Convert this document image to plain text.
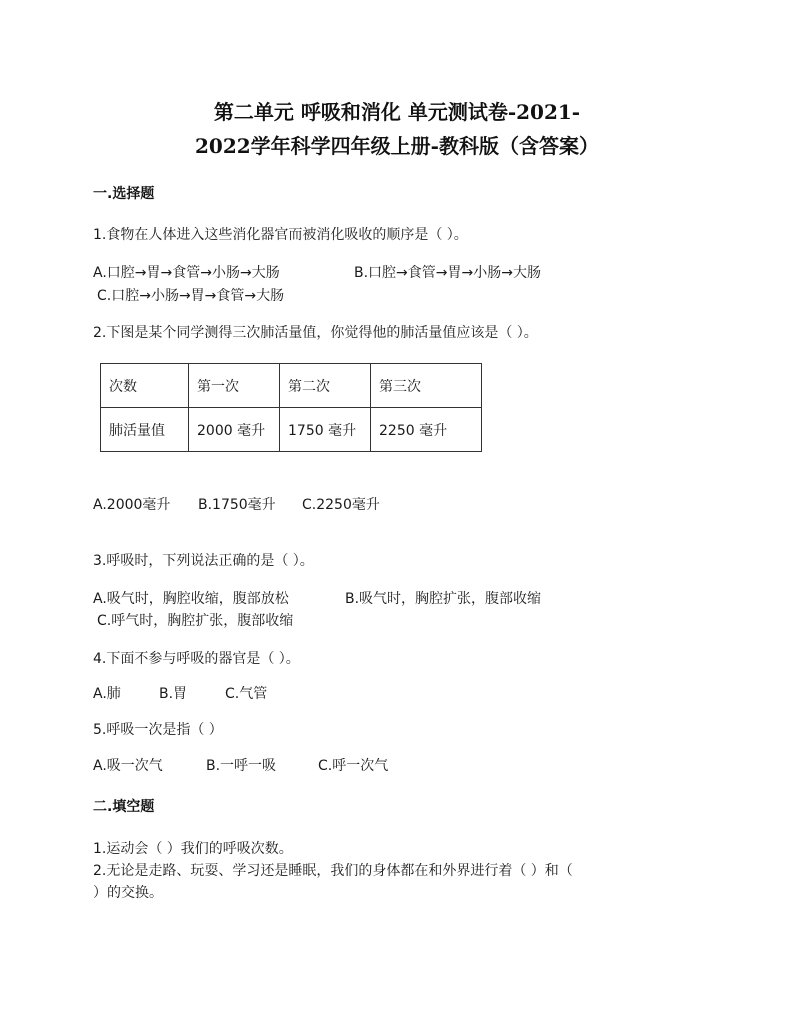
第二单元 呼吸和消化 单元测试卷-2021-
2022学年科学四年级上册-教科版（含答案）
一.选择题
1.食物在人体进入这些消化器官而被消化吸收的顺序是（ ）。
A.口腔→胃→食管→小肠→大肠	B.口腔→食管→胃→小肠→大肠
C.口腔→小肠→胃→食管→大肠
2.下图是某个同学测得三次肺活量值，你觉得他的肺活量值应该是（ ）。
次数	第一次	第二次	第三次
肺活量值	2000 毫升	1750 毫升	2250 毫升
A.2000毫升 B.1750毫升 C.2250毫升
3.呼吸时，下列说法正确的是（ ）。
A.吸气时，胸腔收缩，腹部放松	B.吸气时，胸腔扩张，腹部收缩
C.呼气时，胸腔扩张，腹部收缩
4.下面不参与呼吸的器官是（ ）。
A.肺	B.胃	C.气管
5.呼吸一次是指（ ）
A.吸一次气	B.一呼一吸	C.呼一次气
二.填空题
1.运动会（ ）我们的呼吸次数。
2.无论是走路、玩耍、学习还是睡眠，我们的身体都在和外界进行着（ ）和（
）的交换。
